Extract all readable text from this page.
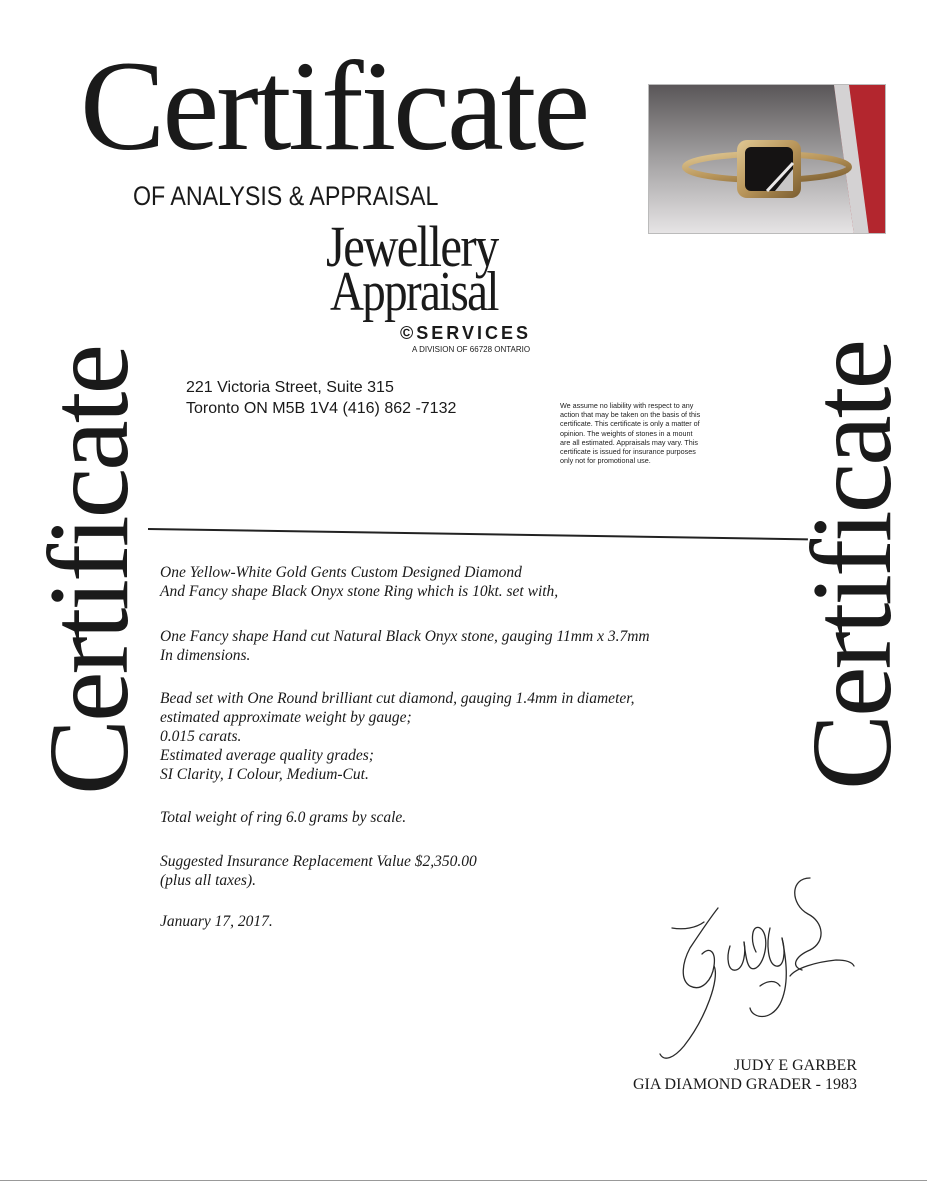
Certificate
OF ANALYSIS & APPRAISAL
Jewellery
Appraisal
©SERVICES
A DIVISION OF 66728 ONTARIO
221 Victoria Street, Suite 315
Toronto ON M5B 1V4 (416) 862 -7132	We assume no liability with respect to any
action that may be taken on the basis of this
certificate. This certificate is only a matter of
opinion. The weights of stones in a mount
are all estimated. Appraisals may vary. This
certificate is issued for insurance purposes
only not for promotional use.
Certificate	Certificate
One Yellow-White Gold Gents Custom Designed Diamond
And Fancy shape Black Onyx stone Ring which is 10kt. set with,
One Fancy shape Hand cut Natural Black Onyx stone, gauging 11mm x 3.7mm
In dimensions.
Bead set with One Round brilliant cut diamond, gauging 1.4mm in diameter,
estimated approximate weight by gauge;
0.015 carats.
Estimated average quality grades;
SI Clarity, I Colour, Medium-Cut.
Total weight of ring 6.0 grams by scale.
Suggested Insurance Replacement Value $2,350.00
(plus all taxes).
January 17, 2017.
JUDY E GARBER
GIA DIAMOND GRADER - 1983
